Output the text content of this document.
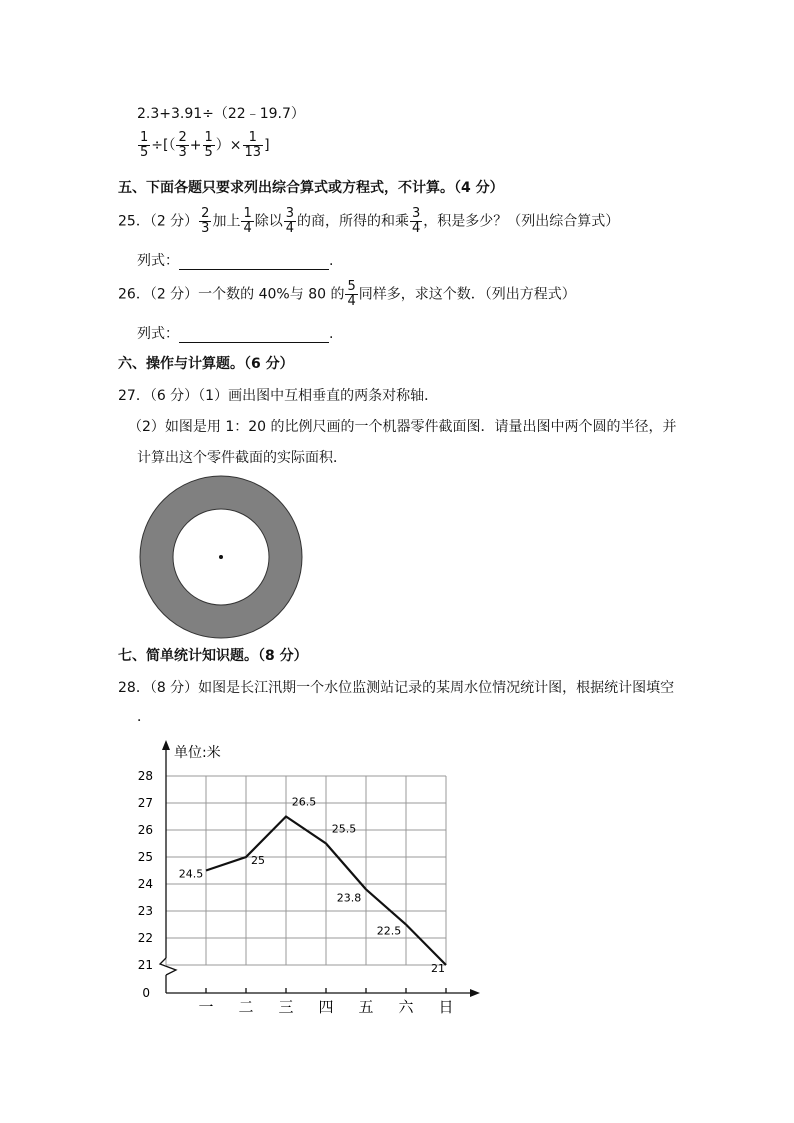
2.3+3.91÷（22﹣19.7）
$\frac{1}{5}$ ÷[（ $\frac{2}{3} + \frac{1}{5}$ ）× $\frac{1}{13}$ ]
五、下面各题只要求列出综合算式或方程式，不计算。（4 分）
25．（2 分） $\frac{2}{3}$ 加上 $\frac{1}{4}$ 除以 $\frac{3}{4}$ 的商，所得的和乘 $\frac{3}{4}$ ，积是多少？（列出综合算式）
列式：	.
26．（2 分）一个数的 40%与 80 的 $\frac{5}{4}$ 同样多，求这个数．（列出方程式）
列式：	.
六、操作与计算题。（6 分）
27．（6 分）（1）画出图中互相垂直的两条对称轴．
（2）如图是用 1：20 的比例尺画的一个机器零件截面图．请量出图中两个圆的半径，并
计算出这个零件截面的实际面积．
七、简单统计知识题。（8 分）
28．（8 分）如图是长江汛期一个水位监测站记录的某周水位情况统计图，根据统计图填空
．
单位:米
0
21
22
23
24
25
26
27
28
一 二 三 四 五 六 日
24.5
25
26.5
25.5
23.8
22.5
21
